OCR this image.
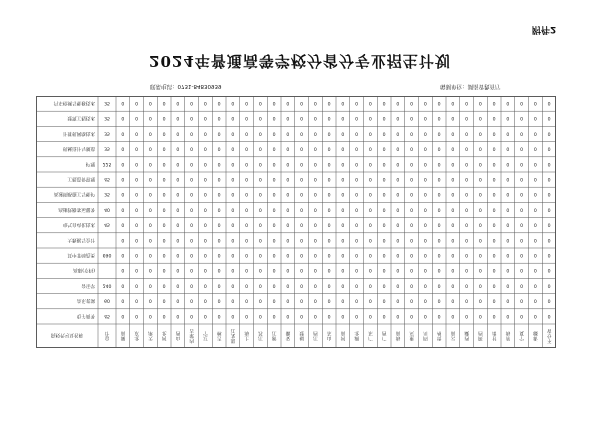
附件2
2024年普通高等学校分省分专业招生计划
编制单位：湖南省教育厅
联系电话：0731-84830939
院校代号及名称
总
计
湖
南
北
京
天
津
河
北
山
西
内
蒙
古
辽
宁
吉
林
黑
龙
江
上
海
江
苏
浙
江
安
徽
福
建
江
西
山
东
河
南
湖
北
广
东
广
西
海
南
重
庆
四
川
贵
州
云
南
西
藏
陕
西
甘
肃
青
海
宁
夏
新
疆
不
分
省
电子商务 45 0 0 0 0 0 0 0 0 0 0 0 0 0 0 0 0 0 0 0 0 0 0 0 0 0 0 0 0 0 0 0 0
音乐表演 60 0 0 0 0 0 0 0 0 0 0 0 0 0 0 0 0 0 0 0 0 0 0 0 0 0 0 0 0 0 0 0 0
音乐学 240 0 0 0 0 0 0 0 0 0 0 0 0 0 0 0 0 0 0 0 0 0 0 0 0 0 0 0 0 0 0 0 0
高职(专科)	0 0 0 0 0 0 0 0 0 0 0 0 0 0 0 0 0 0 0 0 0 0 0 0 0 0 0 0 0 0 0 0
其中非师范类 690 0 0 0 0 0 0 0 0 0 0 0 0 0 0 0 0 0 0 0 0 0 0 0 0 0 0 0 0 0 0 0 0
大数据与会计	0 0 0 0 0 0 0 0 0 0 0 0 0 0 0 0 0 0 0 0 0 0 0 0 0 0 0 0 0 0 0 0
电气自动化技术 45 0 0 0 0 0 0 0 0 0 0 0 0 0 0 0 0 0 0 0 0 0 0 0 0 0 0 0 0 0 0 0 0
高速铁路客运服务 40 0 0 0 0 0 0 0 0 0 0 0 0 0 0 0 0 0 0 0 0 0 0 0 0 0 0 0 0 0 0 0 0
高速铁路施工与维护 35 0 0 0 0 0 0 0 0 0 0 0 0 0 0 0 0 0 0 0 0 0 0 0 0 0 0 0 0 0 0 0 0
工程造价管理 45 0 0 0 0 0 0 0 0 0 0 0 0 0 0 0 0 0 0 0 0 0 0 0 0 0 0 0 0 0 0 0 0
护理 225 0 0 0 0 0 0 0 0 0 0 0 0 0 0 0 0 0 0 0 0 0 0 0 0 0 0 0 0 0 0 0 0
机械设计与制造 35 0 0 0 0 0 0 0 0 0 0 0 0 0 0 0 0 0 0 0 0 0 0 0 0 0 0 0 0 0 0 0 0
计算机网络技术 35 0 0 0 0 0 0 0 0 0 0 0 0 0 0 0 0 0 0 0 0 0 0 0 0 0 0 0 0 0 0 0 0
建筑工程技术 35 0 0 0 0 0 0 0 0 0 0 0 0 0 0 0 0 0 0 0 0 0 0 0 0 0 0 0 0 0 0 0 0
汽车检测与维修技术 35 0 0 0 0 0 0 0 0 0 0 0 0 0 0 0 0 0 0 0 0 0 0 0 0 0 0 0 0 0 0 0 0
